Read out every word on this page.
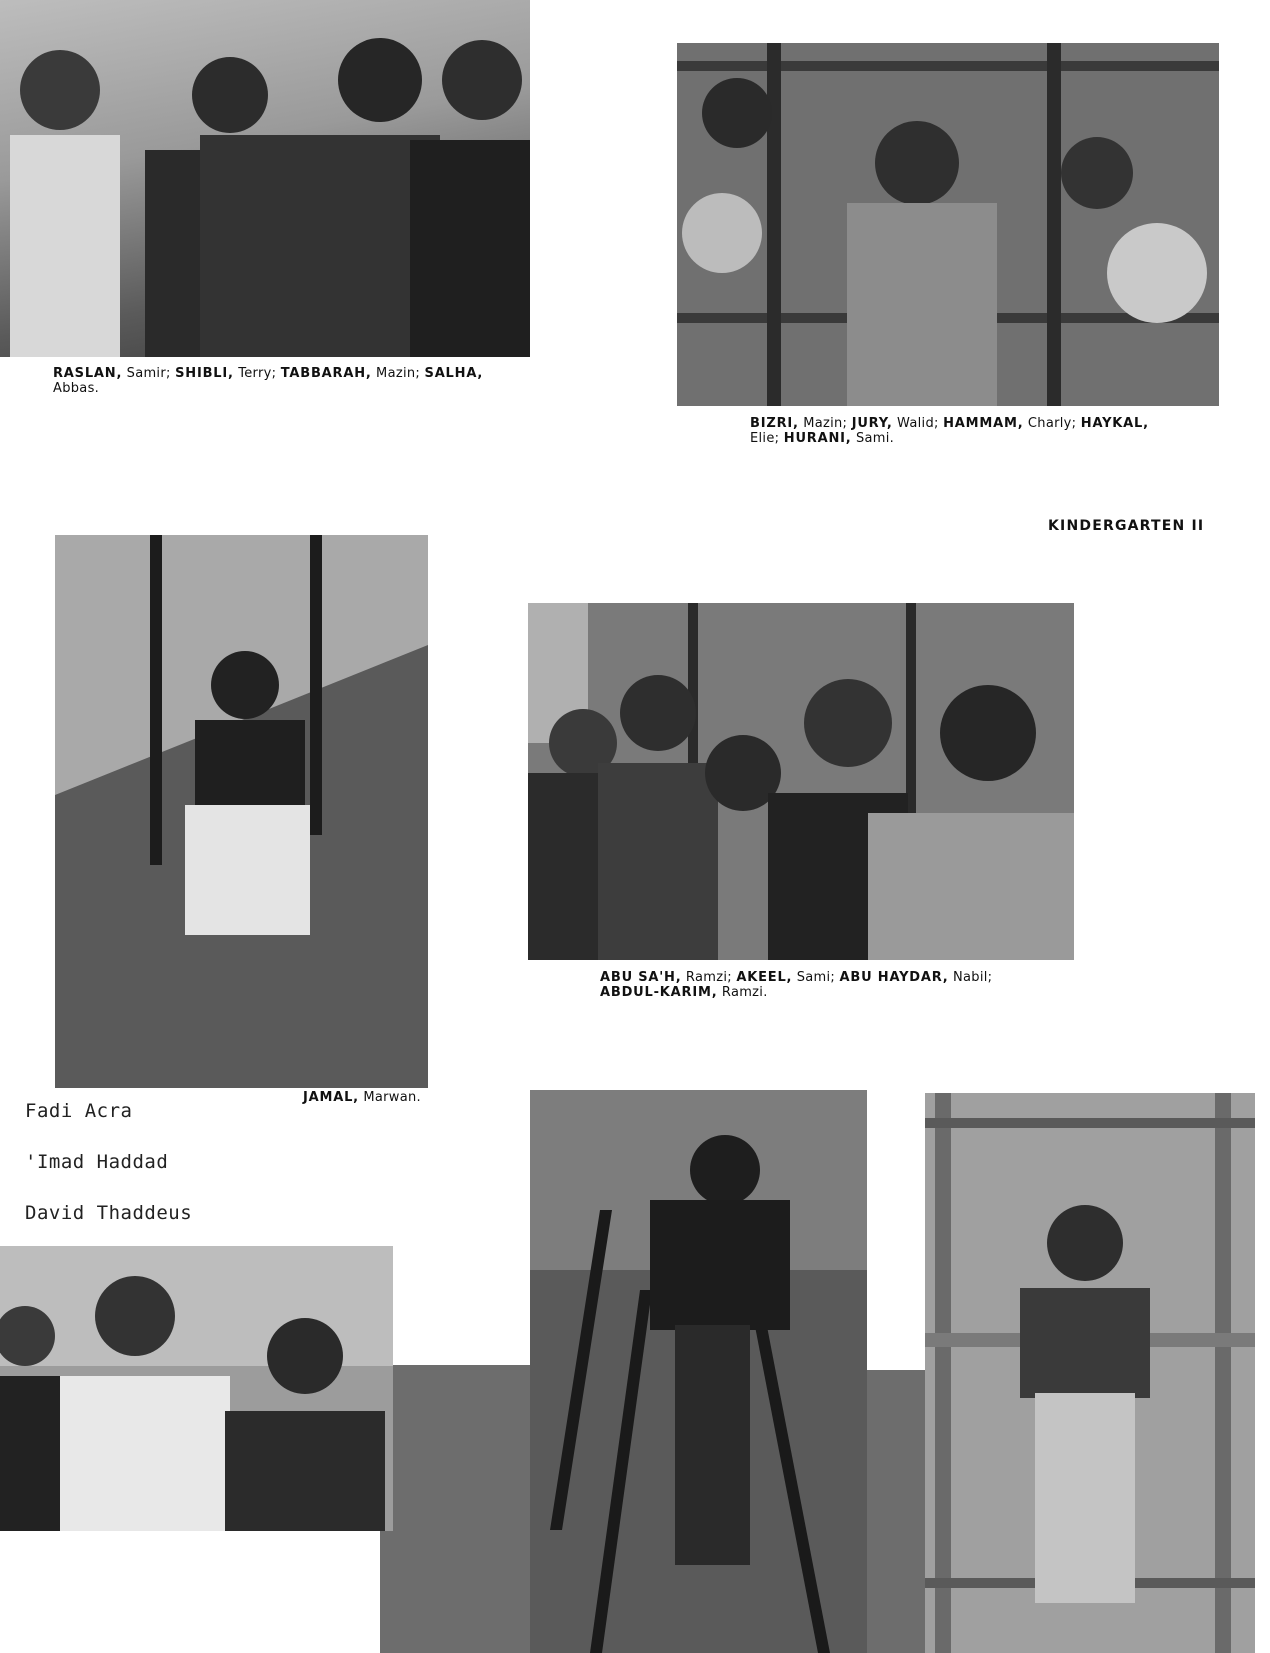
RASLAN, Samir; SHIBLI, Terry; TABBARAH, Mazin; SALHA,
Abbas.
BIZRI, Mazin; JURY, Walid; HAMMAM, Charly; HAYKAL,
Elie; HURANI, Sami.
KINDERGARTEN II
JAMAL, Marwan.
ABU SA'H, Ramzi; AKEEL, Sami; ABU HAYDAR, Nabil;
ABDUL-KARIM, Ramzi.
Fadi Acra
'Imad Haddad
David Thaddeus
